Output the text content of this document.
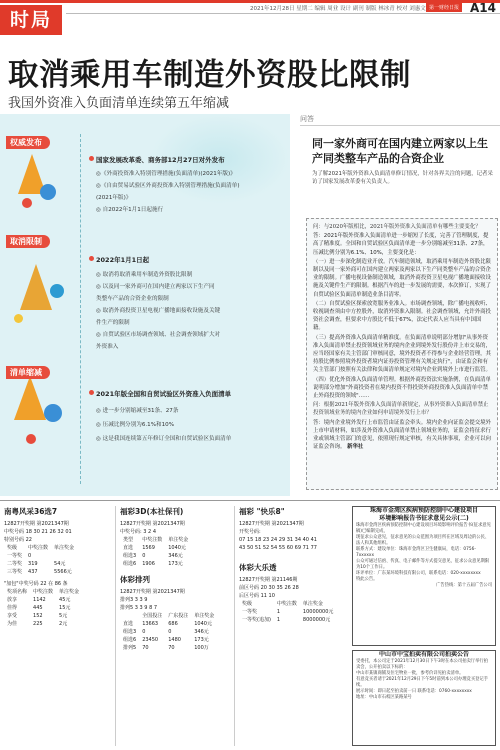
时局	2021年12月28日 星期二 编辑 周业 设计 副刊 制版 林冰青 校对 刘惠文 第一财经日报 A14
取消乘用车制造外资股比限制
我国外资准入负面清单连续第五年缩减
权威发布
国家发展改革委、商务部12月27日对外发布
◎《外商投资准入特别管理措施(负面清单)(2021年版)》
◎《自由贸易试验区外商投资准入特别管理措施(负面清单)
(2021年版)》
◎ 自2022年1月1日起施行
取消限制
2022年1月1日起
◎ 取消将取消乘用车制造外资股比限制
◎ 以及同一家外商可在国内建立两家以下生产同
类整车产品的合资企业的限制
◎ 取消外商投资卫星电视广播地面接收设施及关键
件生产的限制
◎ 自贸试验区市场调查领域、社会调查领域扩大对
外资准入
清单缩减
2021年版全国和自贸试验区外资准入负面清单
◎ 进一步分别缩减至31条、27条
◎ 压减比例分别为6.1%和10%
◎ 这是我国连续第五年修订全国和自贸试验区负面清单
问答
同一家外商可在国内建立两家以上生产同类整车产品的合资企业
为了解2021年版外资准入负面清单修订情况，针对各界关注的问题，记者采访了国家发展改革委有关负责人。
问：与2020年版相比，2021年版外资准入负面清单有哪些主要变化？
答：2021年版外资准入负面清单进一步缩短了长度，完善了管理制度，提高了精准度。全国和自贸试验区负面清单进一步分别缩减至31条、27条，压减比例分别为6.1%、10%，主要变化是：
（一）进一步深化制造业开放。汽车制造领域，取消乘用车制造外资股比限制以及同一家外商可在国内建立两家及两家以下生产同类整车产品的合资企业的限制。广播电视设备制造领域，取消外商投资卫星电视广播地面接收设施及关键件生产的限制。根据汽车的进一步发展的需要，本次修订，实现了自贸试验区负面清单制造业条目清零。
（二）自贸试验区探索放宽服务业准入。市场调查领域，除广播电视收听、收视调查须由中方控股外，取消外资准入限制。社会调查领域，允许外商投资社会调查，但要求中方股比不低于67%，法定代表人应当具有中国国籍。
（三）提高外资准入负面清单精准度。在负面清单说明部分增加"从事外资准入负面清单禁止投资领域业务的境内企业到境外发行股份并上市交易的，应当经国家有关主管部门审核同意，境外投资者不得参与企业经营管理，其持股比例参照境外投资者境内证券投资管理有关规定执行"，由证监会和有关主管部门按照有关法律和负面清单规定对境内企业到境外上市进行监管。
（四）优化外资准入负面清单管理。根据外商投资法实施条例，在负面清单说明部分增加"外商投资者在境内投资不得投资外商投资准入负面清单中禁止外商投资的领域"……
问：根据2021年版外资准入负面清单新规定，从事外资准入负面清单禁止投资领域业务的境内企业如何申请境外发行上市？
答：境内企业境外发行上市监管由证监会牵头。境内企业向证监会提交境外上市申请材料，如涉及外资准入负面清单禁止领域业务的，证监会将征求行业或领域主管部门的意见，依照现行规定审核，有关具体事项，企业可以向证监会咨询。 新华社
南粤风采36选7
12827开奖期 第2021347期
中奖号码 18 30 21 26 32 01
特别号码 22
奖级	中奖注数	单注奖金
一等奖	0	
二等奖	319	54元
三等奖	437	5566元
"加包"中奖号码 22 在 86 条
奖项名称	中奖注数	单注奖金
放享	1142	45元
佳得	445	15元
享受	152	5元
为佳	225	2元
福彩3D(本社保刊)
12827开奖期 第2021347期
中奖号码: 3 2 4
类型	中奖注数	单注奖金
直选	1569	1040元
组选3	0	346元
组选6	1906	173元
体彩排列
12827开奖期 第2021347期
排列3 3 3 9
排列5 3 3 9 8 7
	全国投注	广东投注	单注奖金
直选	13663	686	1040元
组选3	0	0	346元
组选6	23450	1480	173元
排列5	70	70	100万
福彩 "快乐8"
12827开奖期 第2021347期
开奖号码:
07 15 18 23 24 29 31 34 40 41
43 50 51 52 54 55 60 69 71 77
体彩大乐透
12827开奖期 第21146期
前区号码 20 30 35 26 28
后区号码 11 10
奖级	中奖注数	单注奖金
一等奖	1	10000000元
一等奖(追加)	1	8000000元
珠海市金湾区疾病预防控制中心建设项目
环境影响报告书征求意见公示(二)

珠海市金湾区疾病预防控制中心建设项目环境影响评价报告书(征求意见稿)已编制完成，

现征求公众意见，征求意见的公众范围为项目所在区域及周边的公民、法人和其他组织。

联系方式：建设单位：珠海市金湾区卫生健康局，电话：0756-7xxxxxx

公众可通过信函、传真、电子邮件等方式提交意见，征求公众意见期限为10个工作日。

环评单位：广东某环境科技有限公司，联系电话：020-xxxxxxxx

特此公告。

广告热线：第十五届广告公司

中山市中宝拍卖有限公司拍卖公告

受委托，本公司定于2021年12月30日下午3时在本公司拍卖厅举行拍卖会，公开拍卖以下标的：

中山市某镇商铺及住宅物业一批，参考价详见拍卖清单。

有意竞买者请于2021年12月29日下午5时前到本公司办理竞买登记手续。

展示时间：即日起至拍卖前一日 联系电话：0760-xxxxxxxx

地址：中山市石岐区某路某号
